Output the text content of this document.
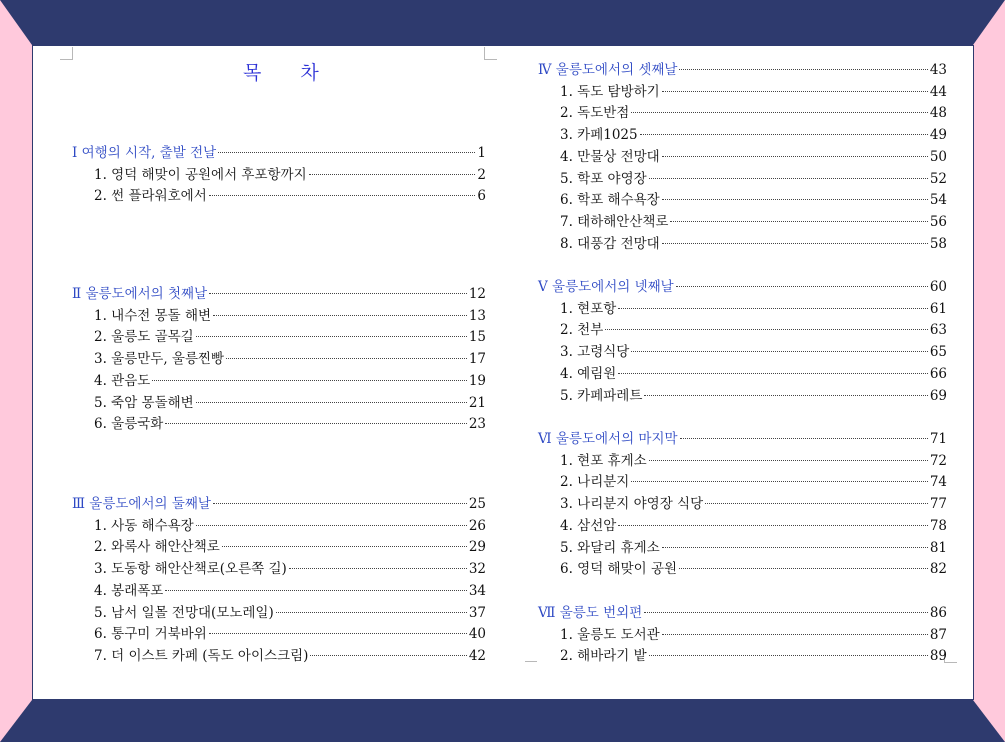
목 차
Ⅰ 여행의 시작, 출발 전날	1
1. 영덕 해맞이 공원에서 후포항까지	2
2. 썬 플라워호에서	6
Ⅱ 울릉도에서의 첫째날	12
1. 내수전 몽돌 해변	13
2. 울릉도 골목길	15
3. 울릉만두, 울릉찐빵	17
4. 관음도	19
5. 죽암 몽돌해변	21
6. 울릉국화	23
Ⅲ 울릉도에서의 둘째날	25
1. 사동 해수욕장	26
2. 와록사 해안산책로	29
3. 도동항 해안산책로(오른쪽 길)	32
4. 봉래폭포	34
5. 남서 일몰 전망대(모노레일)	37
6. 통구미 거북바위	40
7. 더 이스트 카페 (독도 아이스크림)	42
Ⅳ 울릉도에서의 셋째날	43
1. 독도 탐방하기	44
2. 독도반점	48
3. 카페1025	49
4. 만물상 전망대	50
5. 학포 야영장	52
6. 학포 해수욕장	54
7. 태하해안산책로	56
8. 대풍감 전망대	58
Ⅴ 울릉도에서의 넷째날	60
1. 현포항	61
2. 천부	63
3. 고령식당	65
4. 예림원	66
5. 카페파레트	69
Ⅵ 울릉도에서의 마지막	71
1. 현포 휴게소	72
2. 나리분지	74
3. 나리분지 야영장 식당	77
4. 삼선암	78
5. 와달리 휴게소	81
6. 영덕 해맞이 공원	82
Ⅶ 울릉도 번외편	86
1. 울릉도 도서관	87
2. 해바라기 밭	89
